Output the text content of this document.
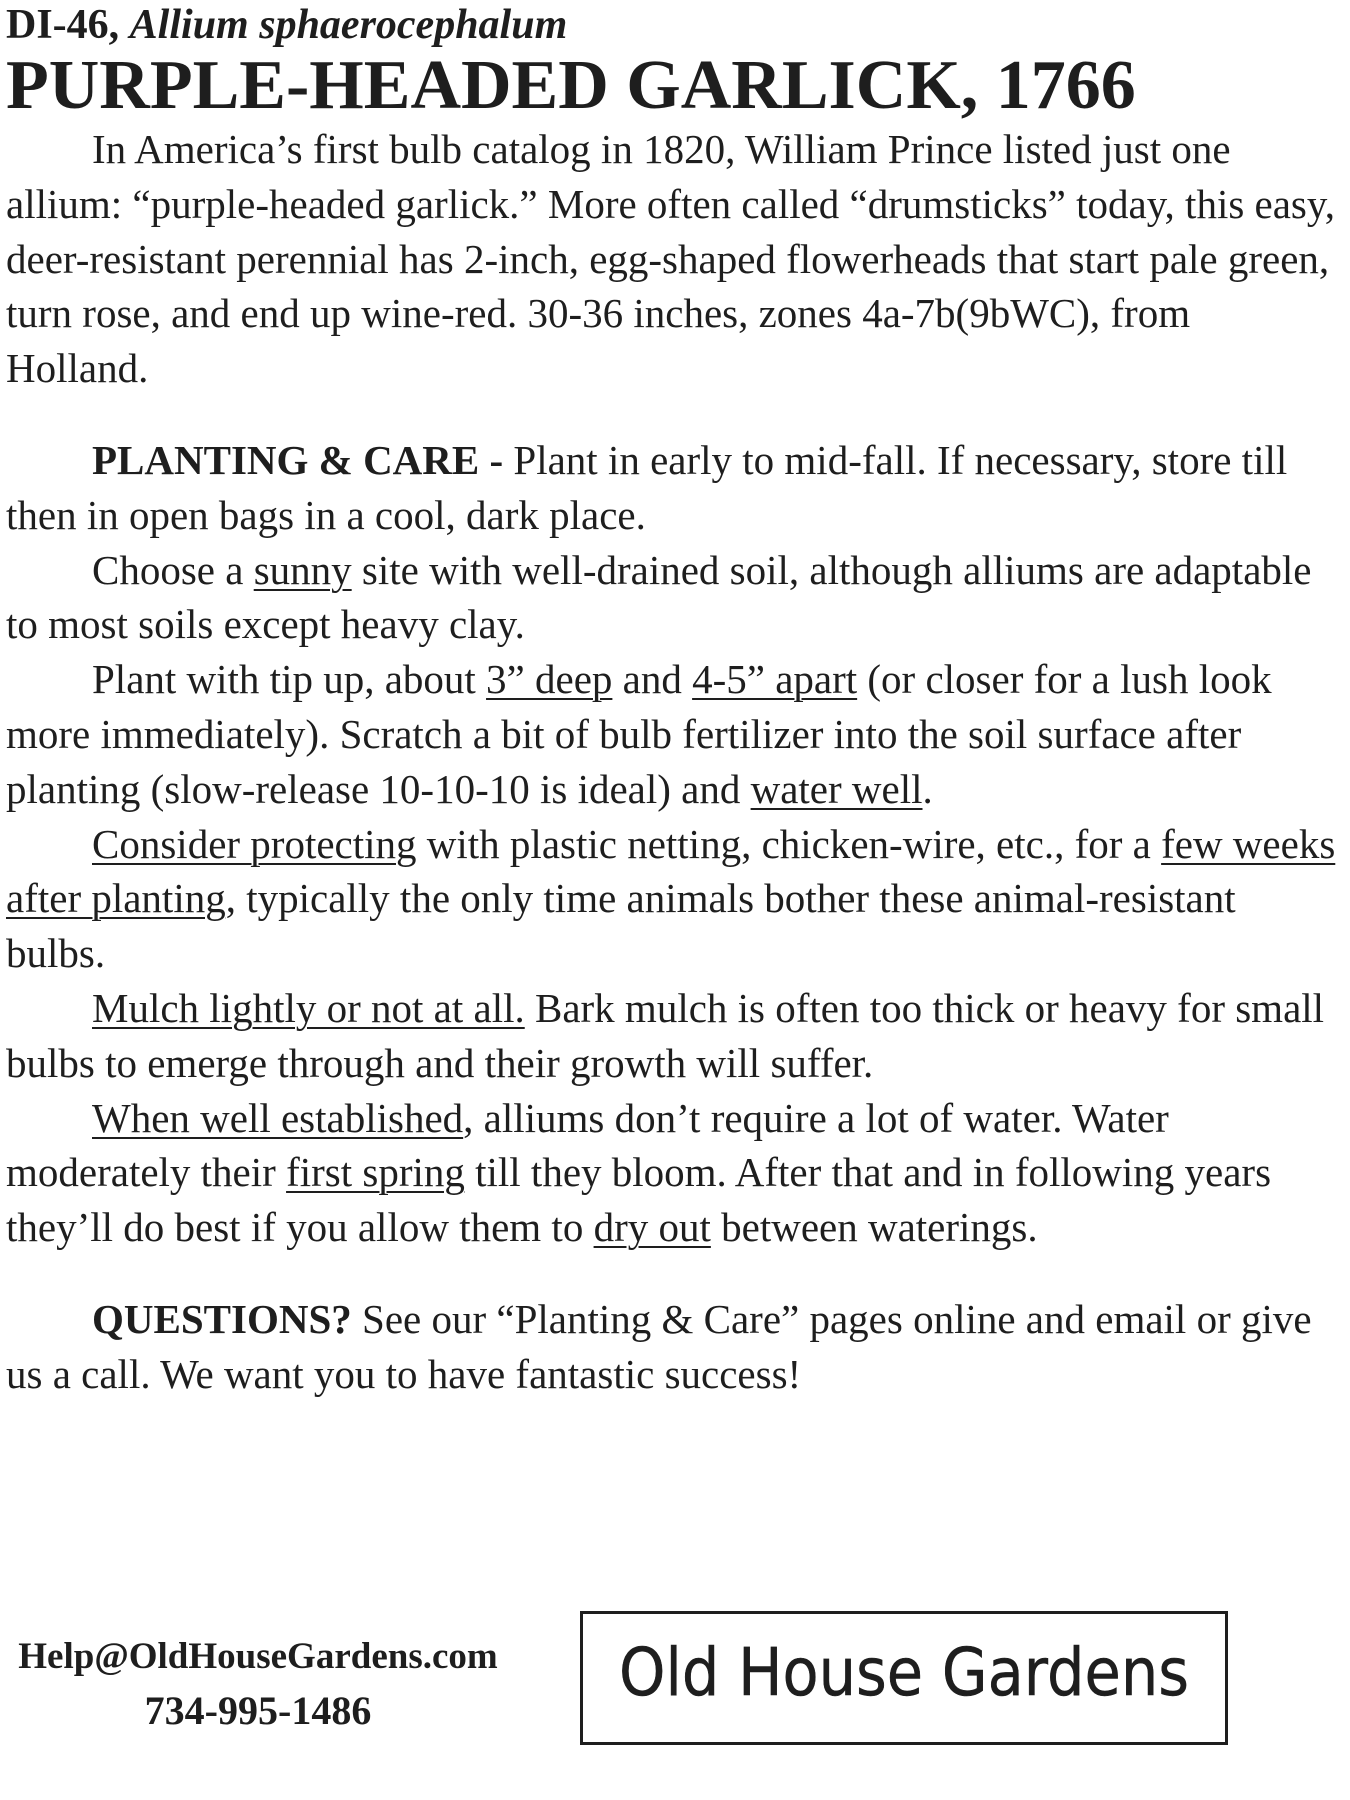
DI-46, Allium sphaerocephalum
PURPLE-HEADED GARLICK, 1766

In America’s first bulb catalog in 1820, William Prince listed just one allium: “purple-headed garlick.” More often called “drumsticks” today, this easy, deer-resistant perennial has 2-inch, egg-shaped flowerheads that start pale green, turn rose, and end up wine-red. 30-36 inches, zones 4a-7b(9bWC), from Holland.

PLANTING & CARE - Plant in early to mid-fall. If necessary, store till then in open bags in a cool, dark place.

Choose a sunny site with well-drained soil, although alliums are adaptable to most soils except heavy clay.

Plant with tip up, about 3” deep and 4-5” apart (or closer for a lush look more immediately). Scratch a bit of bulb fertilizer into the soil surface after planting (slow-release 10-10-10 is ideal) and water well.

Consider protecting with plastic netting, chicken-wire, etc., for a few weeks after planting, typically the only time animals bother these animal-resistant bulbs.

Mulch lightly or not at all. Bark mulch is often too thick or heavy for small bulbs to emerge through and their growth will suffer.

When well established, alliums don’t require a lot of water. Water moderately their first spring till they bloom. After that and in following years they’ll do best if you allow them to dry out between waterings.

QUESTIONS? See our “Planting & Care” pages online and email or give us a call. We want you to have fantastic success!

Help@OldHouseGardens.com
734-995-1486	Old House Gardens
